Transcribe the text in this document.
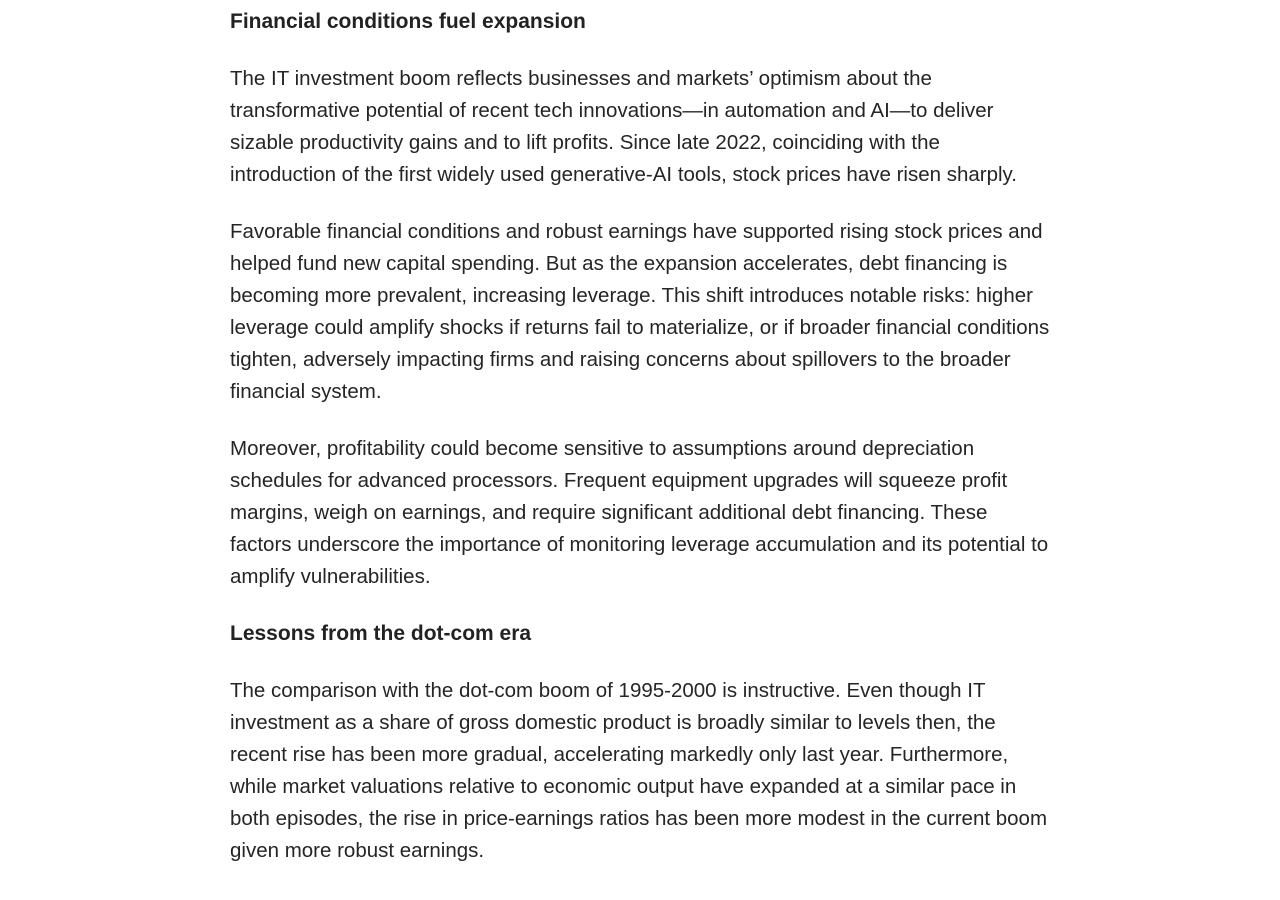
Financial conditions fuel expansion

The IT investment boom reflects businesses and markets’ optimism about the transformative potential of recent tech innovations—in automation and AI—to deliver sizable productivity gains and to lift profits. Since late 2022, coinciding with the introduction of the first widely used generative-AI tools, stock prices have risen sharply.

Favorable financial conditions and robust earnings have supported rising stock prices and helped fund new capital spending. But as the expansion accelerates, debt financing is becoming more prevalent, increasing leverage. This shift introduces notable risks: higher leverage could amplify shocks if returns fail to materialize, or if broader financial conditions tighten, adversely impacting firms and raising concerns about spillovers to the broader financial system.

Moreover, profitability could become sensitive to assumptions around depreciation schedules for advanced processors. Frequent equipment upgrades will squeeze profit margins, weigh on earnings, and require significant additional debt financing. These factors underscore the importance of monitoring leverage accumulation and its potential to amplify vulnerabilities.

Lessons from the dot-com era

The comparison with the dot-com boom of 1995-2000 is instructive. Even though IT investment as a share of gross domestic product is broadly similar to levels then, the recent rise has been more gradual, accelerating markedly only last year. Furthermore, while market valuations relative to economic output have expanded at a similar pace in both episodes, the rise in price-earnings ratios has been more modest in the current boom given more robust earnings.
